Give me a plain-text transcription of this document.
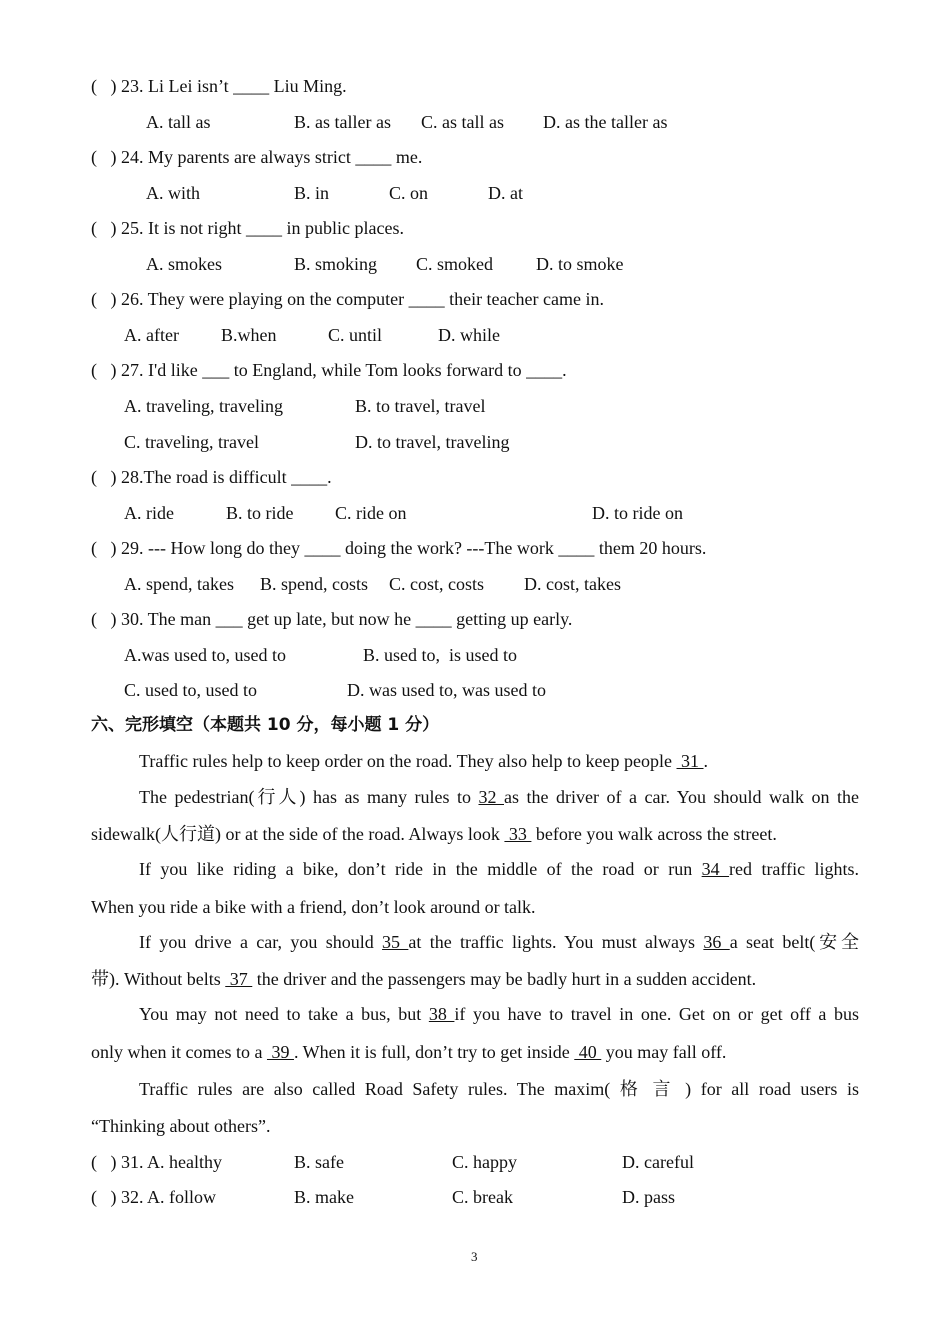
(   ) 23. Li Lei isn’t ____ Liu Ming.
A. tall as	B. as taller as C. as tall as D. as the taller as
(   ) 24. My parents are always strict ____ me.
A. with	B. in	C. on	D. at
(   ) 25. It is not right ____ in public places.
A. smokes	B. smoking C. smoked D. to smoke
(   ) 26. They were playing on the computer ____ their teacher came in.
A. after B.when	C. until	D. while
(   ) 27. I'd like ___ to England, while Tom looks forward to ____.
A. traveling, traveling	B. to travel, travel
C. traveling, travel	D. to travel, traveling
(   ) 28.The road is difficult ____.
A. ride	B. to ride C. ride on	D. to ride on
(   ) 29. --- How long do they ____ doing the work? ---The work ____ them 20 hours.
A. spend, takes B. spend, costs C. cost, costs D. cost, takes
(   ) 30. The man ___ get up late, but now he ____ getting up early.
A.was used to, used to	B. used to,  is used to
C. used to, used to	D. was used to, was used to
六、完形填空（本题共 10 分，每小题 1 分）
Traffic rules help to keep order on the road. They also help to keep people  31 .
The pedestrian(行人) has as many rules to 32 as the driver of a car. You should walk on the
sidewalk(人行道) or at the side of the road. Always look  33  before you walk across the street.
If you like riding a bike, don’t ride in the middle of the road or run 34 red traffic lights.
When you ride a bike with a friend, don’t look around or talk.
If you drive a car, you should 35 at the traffic lights. You must always 36 a seat belt(安全
带). Without belts  37  the driver and the passengers may be badly hurt in a sudden accident.
You may not need to take a bus, but 38 if you have to travel in one. Get on or get off a bus
only when it comes to a  39 . When it is full, don’t try to get inside  40  you may fall off.
Traffic rules are also called Road Safety rules. The maxim( 格 言 ) for all road users is
“Thinking about others”.
(   ) 31. A. healthy	B. safe	C. happy	D. careful
(   ) 32. A. follow	B. make	C. break	D. pass
3
